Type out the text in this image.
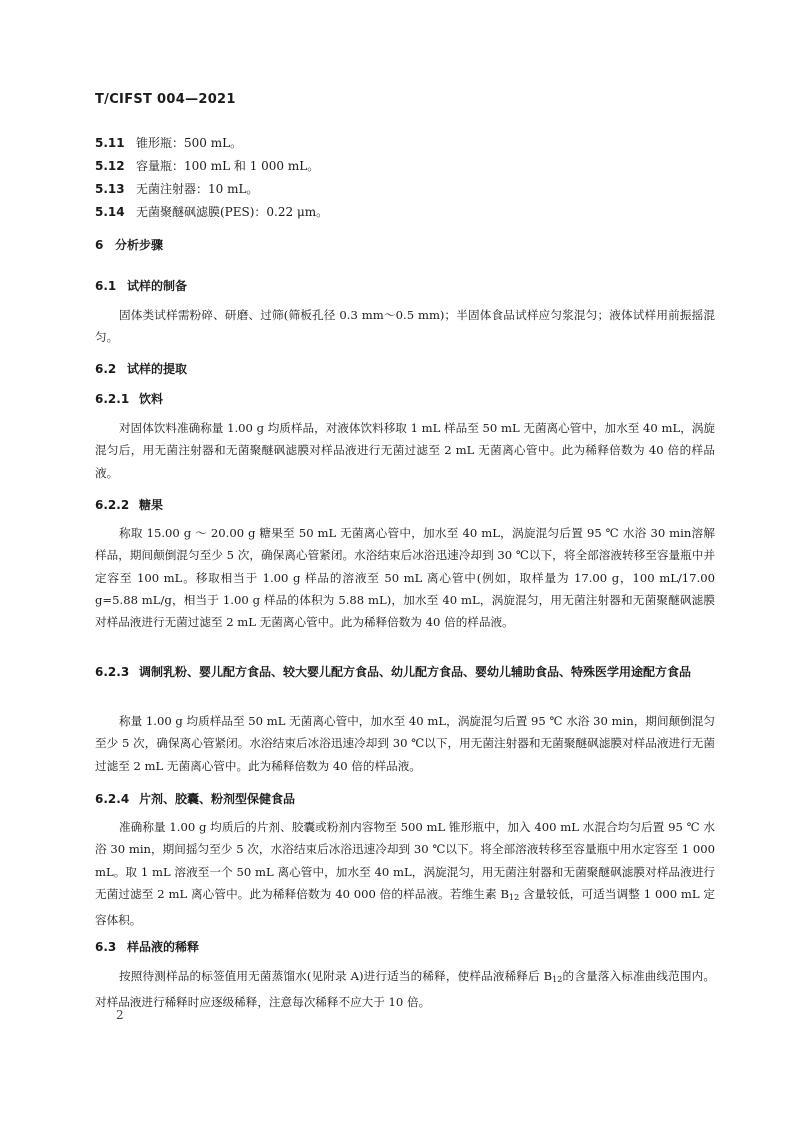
T/CIFST 004—2021
5.11 锥形瓶：500 mL。
5.12 容量瓶：100 mL 和 1 000 mL。
5.13 无菌注射器：10 mL。
5.14 无菌聚醚砜滤膜(PES)：0.22 μm。
6 分析步骤
6.1 试样的制备
固体类试样需粉碎、研磨、过筛(筛板孔径 0.3 mm～0.5 mm)；半固体食品试样应匀浆混匀；液体试样用前振摇混匀。
6.2 试样的提取
6.2.1 饮料
对固体饮料准确称量 1.00 g 均质样品，对液体饮料移取 1 mL 样品至 50 mL 无菌离心管中，加水至 40 mL，涡旋混匀后，用无菌注射器和无菌聚醚砜滤膜对样品液进行无菌过滤至 2 mL 无菌离心管中。此为稀释倍数为 40 倍的样品液。
6.2.2 糖果
称取 15.00 g ～ 20.00 g 糖果至 50 mL 无菌离心管中，加水至 40 mL，涡旋混匀后置 95 ℃ 水浴 30 min溶解样品，期间颠倒混匀至少 5 次，确保离心管紧闭。水浴结束后冰浴迅速冷却到 30 ℃以下，将全部溶液转移至容量瓶中并定容至 100 mL。移取相当于 1.00 g 样品的溶液至 50 mL 离心管中(例如，取样量为 17.00 g，100 mL/17.00 g=5.88 mL/g，相当于 1.00 g 样品的体积为 5.88 mL)，加水至 40 mL，涡旋混匀，用无菌注射器和无菌聚醚砜滤膜对样品液进行无菌过滤至 2 mL 无菌离心管中。此为稀释倍数为 40 倍的样品液。
6.2.3 调制乳粉、婴儿配方食品、较大婴儿配方食品、幼儿配方食品、婴幼儿辅助食品、特殊医学用途配方食品
称量 1.00 g 均质样品至 50 mL 无菌离心管中，加水至 40 mL，涡旋混匀后置 95 ℃ 水浴 30 min，期间颠倒混匀至少 5 次，确保离心管紧闭。水浴结束后冰浴迅速冷却到 30 ℃以下，用无菌注射器和无菌聚醚砜滤膜对样品液进行无菌过滤至 2 mL 无菌离心管中。此为稀释倍数为 40 倍的样品液。
6.2.4 片剂、胶囊、粉剂型保健食品
准确称量 1.00 g 均质后的片剂、胶囊或粉剂内容物至 500 mL 锥形瓶中，加入 400 mL 水混合均匀后置 95 ℃ 水浴 30 min，期间摇匀至少 5 次，水浴结束后冰浴迅速冷却到 30 ℃以下。将全部溶液转移至容量瓶中用水定容至 1 000 mL。取 1 mL 溶液至一个 50 mL 离心管中，加水至 40 mL，涡旋混匀，用无菌注射器和无菌聚醚砜滤膜对样品液进行无菌过滤至 2 mL 离心管中。此为稀释倍数为 40 000 倍的样品液。若维生素 $B_{12}$ 含量较低，可适当调整 1 000 mL 定容体积。
6.3 样品液的稀释
按照待测样品的标签值用无菌蒸馏水(见附录 A)进行适当的稀释，使样品液稀释后 $B_{12}$的含量落入标准曲线范围内。对样品液进行稀释时应逐级稀释，注意每次稀释不应大于 10 倍。
2
